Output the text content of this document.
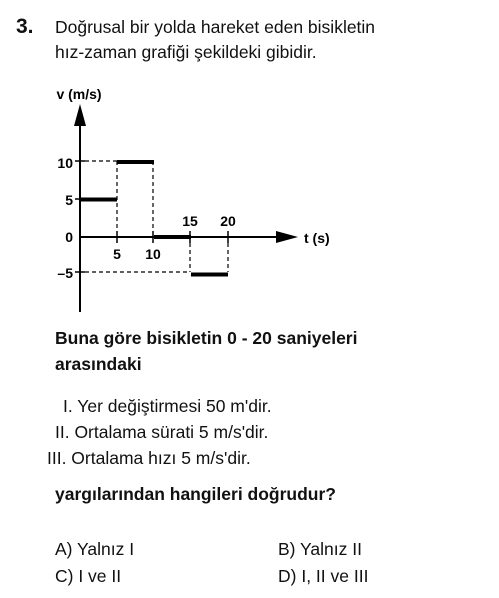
3. Doğrusal bir yolda hareket eden bisikletin
hız-zaman grafiği şekildeki gibidir.
v (m/s)
t (s)
10
5
0
–5
5 10
15 20
Buna göre bisikletin 0 - 20 saniyeleri
arasındaki
I. Yer değiştirmesi 50 m'dir.
II. Ortalama sürati 5 m/s'dir.
III. Ortalama hızı 5 m/s'dir.
yargılarından hangileri doğrudur?
A) Yalnız I	B) Yalnız II
C) I ve II	D) I, II ve III
